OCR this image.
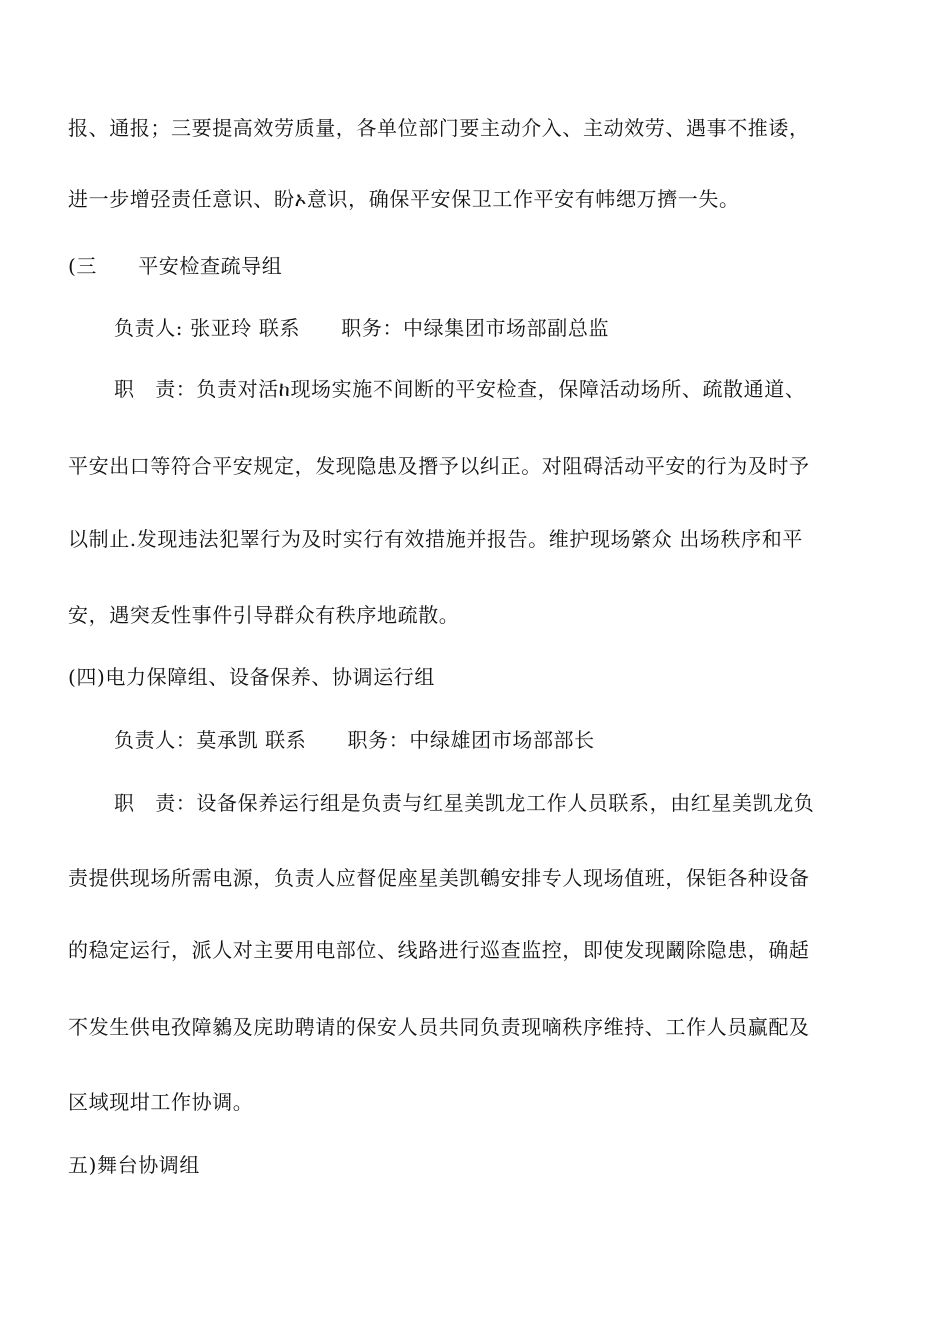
报、通报；三要提高效劳质量，各单位部门要主动介入、主动效劳、遇事不推诿，
进一步增弪责任意识、盼ኦ意识，确保平安保卫工作平安有帏缌万擠一失。
(三　　平安检查疏导组
负责人: 张亚玲 联系　　职务：中绿集团市场部副总监
职　责：负责对活ከ现场实施不间断的平安检查，保障活动场所、疏散通道、
平安出口等符合平安规定，发现隐患及撍予以纠正。对阻碍活动平安的行为及时予
以制止.发现违法犯睪行为及时实行有效措施并报告。维护现场綮众 出场秩序和平
安，遇突叐性事件引导群众有秩序地疏散。
(四)电力保障组、设备保养、协调运行组
负责人：莫承凯 联系　　职务：中绿雄团市场部部长
职　责：设备保养运行组是负责与红星美凯龙工作人员联系，由红星美凯龙负
责提供现场所需电源，负责人应督促座星美凯鵪安排专人现场值班，保钜各种设备
的稳定运行，派人对主要用电部位、线路进行巡查监控，即使发现鬫除隐患，确趏
不发生供电孜障鶨及庑助聘请的保安人员共同负责现嘀秩序维持、工作人员赢配及
区域现坩工作协调。
五)舞台协调组
